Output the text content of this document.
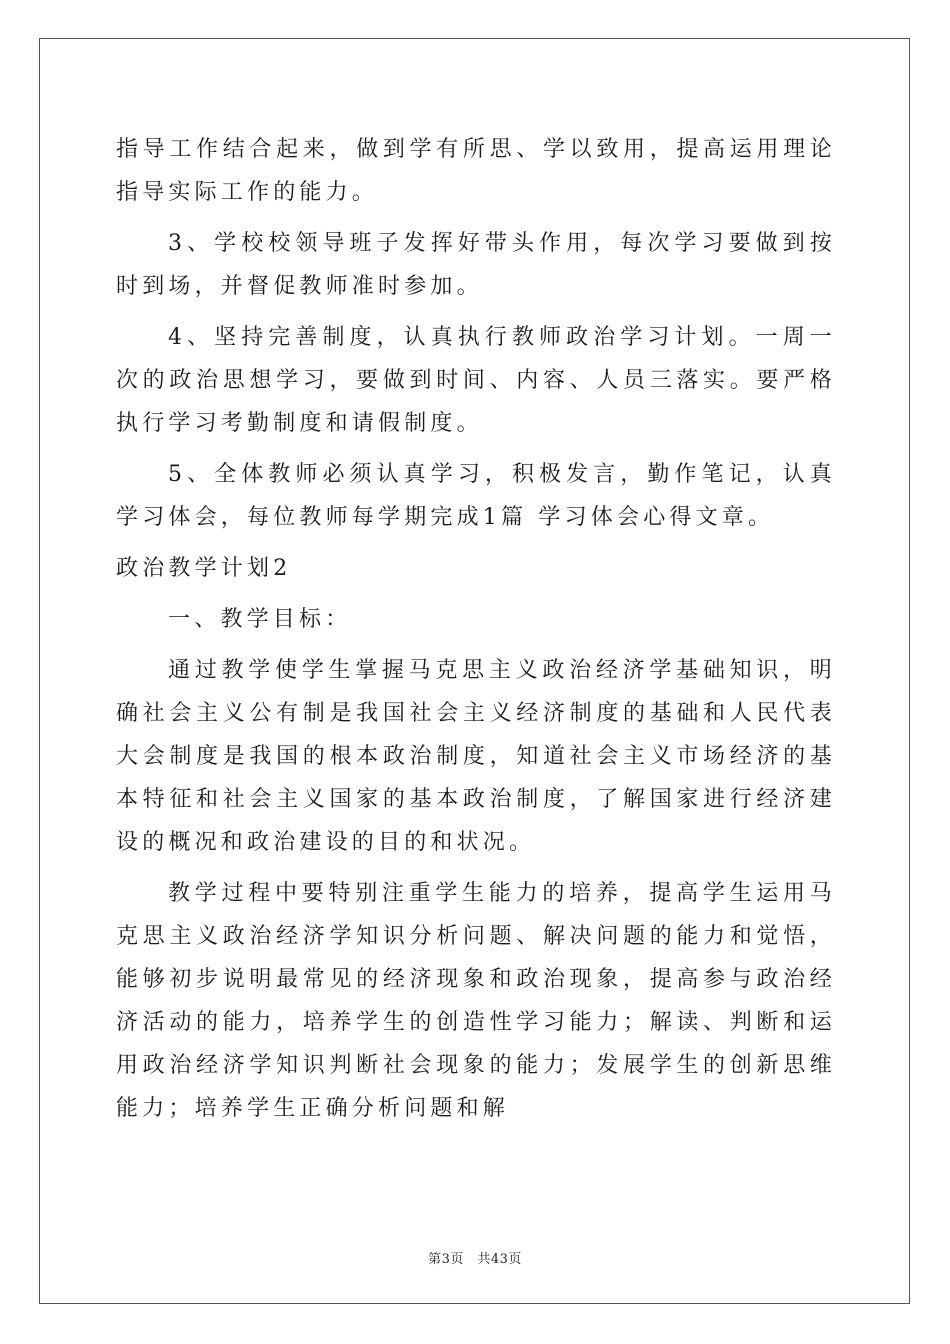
指导工作结合起来，做到学有所思、学以致用，提高运用理论指导实际工作的能力。

3、学校校领导班子发挥好带头作用，每次学习要做到按时到场，并督促教师准时参加。

4、坚持完善制度，认真执行教师政治学习计划。一周一次的政治思想学习，要做到时间、内容、人员三落实。要严格执行学习考勤制度和请假制度。

5、全体教师必须认真学习，积极发言，勤作笔记，认真学习体会，每位教师每学期完成1篇 学习体会心得文章。

政治教学计划2

一、教学目标：

通过教学使学生掌握马克思主义政治经济学基础知识，明确社会主义公有制是我国社会主义经济制度的基础和人民代表大会制度是我国的根本政治制度，知道社会主义市场经济的基本特征和社会主义国家的基本政治制度，了解国家进行经济建设的概况和政治建设的目的和状况。

教学过程中要特别注重学生能力的培养，提高学生运用马克思主义政治经济学知识分析问题、解决问题的能力和觉悟，能够初步说明最常见的经济现象和政治现象，提高参与政治经济活动的能力，培养学生的创造性学习能力；解读、判断和运用政治经济学知识判断社会现象的能力；发展学生的创新思维能力；培养学生正确分析问题和解

第3页　共43页
